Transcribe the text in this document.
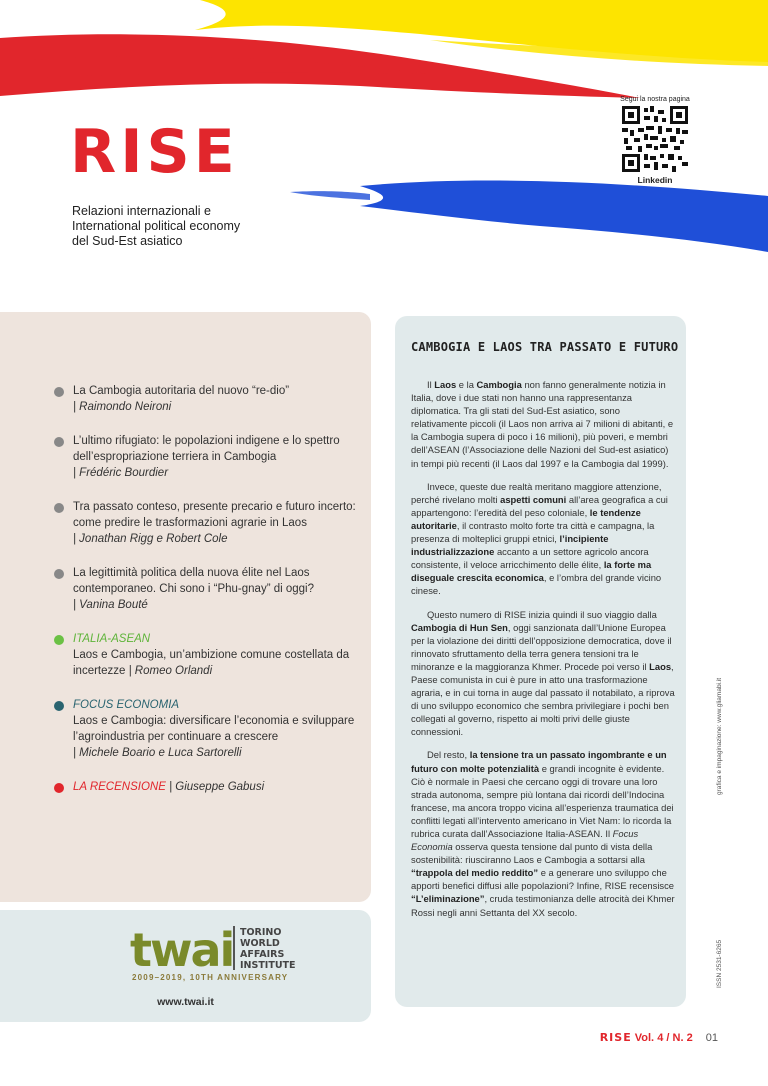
RISE
Relazioni internazionali e
International political economy
del Sud-Est asiatico
Segui la nostra pagina
Linkedin
La Cambogia autoritaria del nuovo “re-dio”
| Raimondo Neironi
L’ultimo rifugiato: le popolazioni indigene e lo spettro dell’espropriazione terriera in Cambogia
| Frédéric Bourdier
Tra passato conteso, presente precario e futuro incerto: come predire le trasformazioni agrarie in Laos
| Jonathan Rigg e Robert Cole
La legittimità politica della nuova élite nel Laos contemporaneo. Chi sono i “Phu-gnay” di oggi?
| Vanina Bouté
ITALIA-ASEAN
Laos e Cambogia, un’ambizione comune costellata da incertezze | Romeo Orlandi
FOCUS ECONOMIA
Laos e Cambogia: diversificare l’economia e sviluppare l’agroindustria per continuare a crescere
| Michele Boario e Luca Sartorelli
LA RECENSIONE | Giuseppe Gabusi
twai TORINO
WORLD
AFFAIRS
INSTITUTE
2009–2019, 10TH ANNIVERSARY
www.twai.it
CAMBOGIA E LAOS TRA PASSATO E FUTURO

Il Laos e la Cambogia non fanno generalmente notizia in Italia, dove i due stati non hanno una rappresentanza diplomatica. Tra gli stati del Sud-Est asiatico, sono relativamente piccoli (il Laos non arriva ai 7 milioni di abitanti, e la Cambogia supera di poco i 16 milioni), più poveri, e membri dell’ASEAN (l’Associazione delle Nazioni del Sud-est asiatico) in tempi più recenti (il Laos dal 1997 e la Cambogia dal 1999).

Invece, queste due realtà meritano maggiore attenzione, perché rivelano molti aspetti comuni all’area geografica a cui appartengono: l’eredità del peso coloniale, le tendenze autoritarie, il contrasto molto forte tra città e campagna, la presenza di molteplici gruppi etnici, l’incipiente industrializzazione accanto a un settore agricolo ancora consistente, il veloce arricchimento delle élite, la forte ma diseguale crescita economica, e l’ombra del grande vicino cinese.

Questo numero di RISE inizia quindi il suo viaggio dalla Cambogia di Hun Sen, oggi sanzionata dall’Unione Europea per la violazione dei diritti dell’opposizione democratica, dove il rinnovato sfruttamento della terra genera tensioni tra le minoranze e la maggioranza Khmer. Procede poi verso il Laos, Paese comunista in cui è pure in atto una trasformazione agraria, e in cui torna in auge dal passato il notabilato, a riprova di uno sviluppo economico che sembra privilegiare i pochi ben collegati al governo, rispetto ai molti privi delle giuste connessioni.

Del resto, la tensione tra un passato ingombrante e un futuro con molte potenzialità e grandi incognite è evidente. Ciò è normale in Paesi che cercano oggi di trovare una loro strada autonoma, sempre più lontana dai ricordi dell’Indocina francese, ma ancora troppo vicina all’esperienza traumatica dei conflitti legati all’intervento americano in Viet Nam: lo ricorda la rubrica curata dall’Associazione Italia-ASEAN. Il Focus Economia osserva questa tensione dal punto di vista della sostenibilità: riusciranno Laos e Cambogia a sottarsi alla “trappola del medio reddito” e a generare uno sviluppo che apporti benefici diffusi alle popolazioni? Infine, RISE recensisce “L’eliminazione”, cruda testimonianza delle atrocità dei Khmer Rossi negli anni Settanta del XX secolo.

grafica e impaginazione: www.gliamabi.it
ISSN 2531-6265
RISE Vol. 4 / N. 2 01
